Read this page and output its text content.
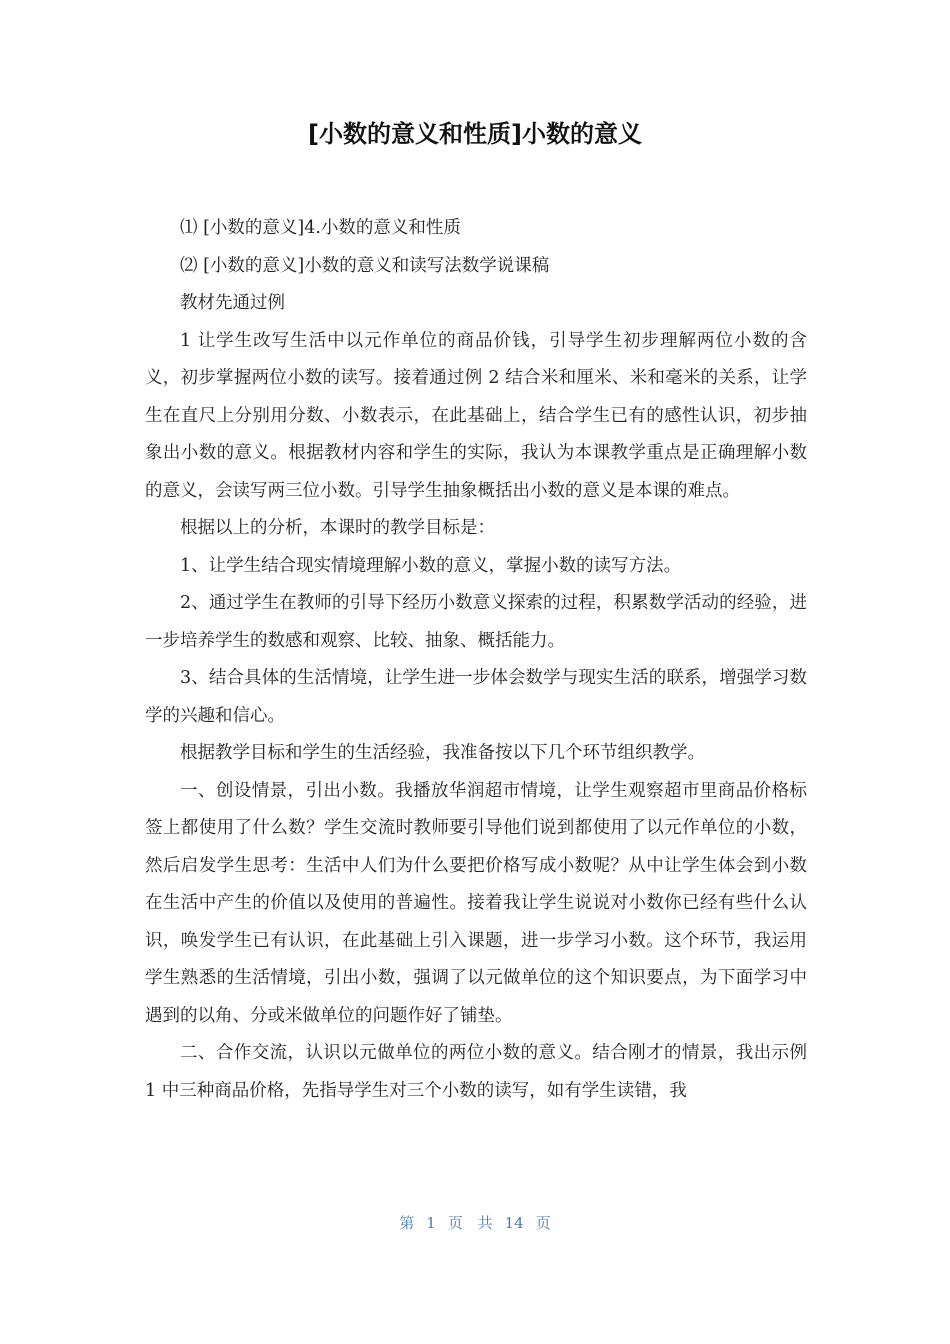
[小数的意义和性质]小数的意义

⑴ [小数的意义]4.小数的意义和性质

⑵ [小数的意义]小数的意义和读写法数学说课稿

教材先通过例

1 让学生改写生活中以元作单位的商品价钱，引导学生初步理解两位小数的含义，初步掌握两位小数的读写。接着通过例 2 结合米和厘米、米和毫米的关系，让学生在直尺上分别用分数、小数表示，在此基础上，结合学生已有的感性认识，初步抽象出小数的意义。根据教材内容和学生的实际，我认为本课教学重点是正确理解小数的意义，会读写两三位小数。引导学生抽象概括出小数的意义是本课的难点。

根据以上的分析，本课时的教学目标是：

1、让学生结合现实情境理解小数的意义，掌握小数的读写方法。

2、通过学生在教师的引导下经历小数意义探索的过程，积累数学活动的经验，进一步培养学生的数感和观察、比较、抽象、概括能力。

3、结合具体的生活情境，让学生进一步体会数学与现实生活的联系，增强学习数学的兴趣和信心。

根据教学目标和学生的生活经验，我准备按以下几个环节组织教学。

一、创设情景，引出小数。我播放华润超市情境，让学生观察超市里商品价格标签上都使用了什么数？学生交流时教师要引导他们说到都使用了以元作单位的小数，然后启发学生思考：生活中人们为什么要把价格写成小数呢？从中让学生体会到小数在生活中产生的价值以及使用的普遍性。接着我让学生说说对小数你已经有些什么认识，唤发学生已有认识，在此基础上引入课题，进一步学习小数。这个环节，我运用学生熟悉的生活情境，引出小数，强调了以元做单位的这个知识要点，为下面学习中遇到的以角、分或米做单位的问题作好了铺垫。

二、合作交流，认识以元做单位的两位小数的意义。结合刚才的情景，我出示例 1 中三种商品价格，先指导学生对三个小数的读写，如有学生读错，我

第 1 页 共 14 页
